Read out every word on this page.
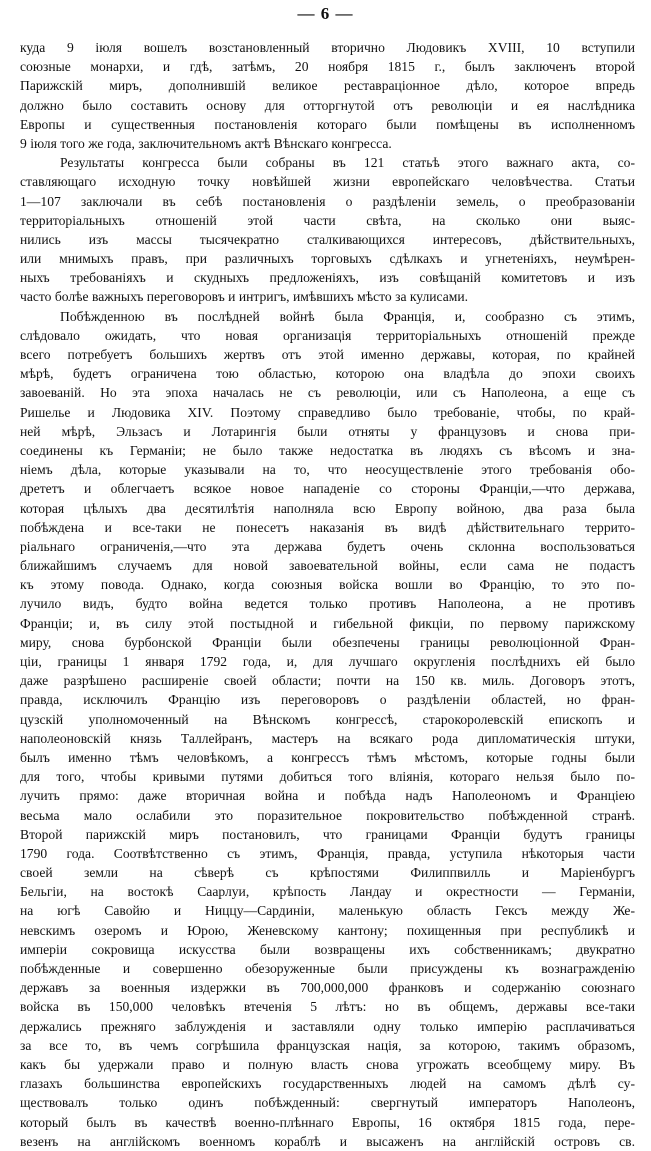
— 6 —
куда 9 іюля вошелъ возстановленный вторично Людовикъ XVIII, 10 вступили
союзные монархи, и гдѣ, затѣмъ, 20 ноября 1815 г., былъ заключенъ второй
Парижскій миръ, дополнившій великое реставраціонное дѣло, которое впредь
должно было составить основу для отторгнутой отъ революціи и ея наслѣдника
Европы и существенныя постановленія котораго были помѣщены въ исполненномъ
9 іюля того же года, заключительномъ актѣ Вѣнскаго конгресса.
Результаты конгресса были собраны въ 121 статьѣ этого важнаго акта, со-
ставляющаго исходную точку новѣйшей жизни европейскаго человѣчества. Статьи
1—107 заключали въ себѣ постановленія о раздѣленіи земель, о преобразованіи
территоріальныхъ отношеній этой части свѣта, на сколько они выяс-
нились изъ массы тысячекратно сталкивающихся интересовъ, дѣйствительныхъ,
или мнимыхъ правъ, при различныхъ торговыхъ сдѣлкахъ и угнетеніяхъ, неумѣрен-
ныхъ требованіяхъ и скудныхъ предложеніяхъ, изъ совѣщаній комитетовъ и изъ
часто болѣе важныхъ переговоровъ и интригъ, имѣвшихъ мѣсто за кулисами.
Побѣжденною въ послѣдней войнѣ была Франція, и, сообразно съ этимъ,
слѣдовало ожидать, что новая организація территоріальныхъ отношеній прежде
всего потребуетъ большихъ жертвъ отъ этой именно державы, которая, по крайней
мѣрѣ, будетъ ограничена тою областью, которою она владѣла до эпохи своихъ
завоеваній. Но эта эпоха началась не съ революціи, или съ Наполеона, а еще съ
Ришелье и Людовика XIV. Поэтому справедливо было требованіе, чтобы, по край-
ней мѣрѣ, Эльзасъ и Лотарингія были отняты у французовъ и снова при-
соединены къ Германіи; не было также недостатка въ людяхъ съ вѣсомъ и зна-
ніемъ дѣла, которые указывали на то, что неосуществленіе этого требованія обо-
дрететъ и облегчаетъ всякое новое нападеніе со стороны Франціи,—что держава,
которая цѣлыхъ два десятилѣтія наполняла всю Европу войною, два раза была
побѣждена и все-таки не понесетъ наказанія въ видѣ дѣйствительнаго террито-
ріальнаго ограниченія,—что эта держава будетъ очень склонна воспользоваться
ближайшимъ случаемъ для новой завоевательной войны, если сама не подастъ
къ этому повода. Однако, когда союзныя войска вошли во Францію, то это по-
лучило видъ, будто война ведется только противъ Наполеона, а не противъ
Франціи; и, въ силу этой постыдной и гибельной фикціи, по первому парижскому
миру, снова бурбонской Франціи были обезпечены границы революціонной Фран-
ціи, границы 1 января 1792 года, и, для лучшаго округленія послѣднихъ ей было
даже разрѣшено расширеніе своей области; почти на 150 кв. миль. Договоръ этотъ,
правда, исключилъ Францію изъ переговоровъ о раздѣленіи областей, но фран-
цузскій уполномоченный на Вѣнскомъ конгрессѣ, старокоролевскій епископъ и
наполеоновскій князь Таллейранъ, мастеръ на всякаго рода дипломатическія штуки,
былъ именно тѣмъ человѣкомъ, а конгрессъ тѣмъ мѣстомъ, которые годны были
для того, чтобы кривыми путями добиться того вліянія, котораго нельзя было по-
лучить прямо: даже вторичная война и побѣда надъ Наполеономъ и Франціею
весьма мало ослабили это поразительное покровительство побѣжденной странѣ.
Второй парижскій миръ постановилъ, что границами Франціи будутъ границы
1790 года. Соотвѣтственно съ этимъ, Франція, правда, уступила нѣкоторыя части
своей земли на сѣверѣ съ крѣпостями Филиппвилль и Маріенбургъ
Бельгіи, на востокѣ Саарлуи, крѣпость Ландау и окрестности — Германіи,
на югѣ Савойю и Ниццу—Сардиніи, маленькую область Гексъ между Же-
невскимъ озеромъ и Юрою, Женевскому кантону; похищенныя при республикѣ и
имперіи сокровища искусства были возвращены ихъ собственникамъ; двукратно
побѣжденные и совершенно обезоруженные были присуждены къ вознагражденію
державъ за военныя издержки въ 700,000,000 франковъ и содержанію союзнаго
войска въ 150,000 человѣкъ втеченія 5 лѣтъ: но въ общемъ, державы все-таки
держались прежняго заблужденія и заставляли одну только имперію расплачиваться
за все то, въ чемъ согрѣшила французская нація, за которою, такимъ образомъ,
какъ бы удержали право и полную власть снова угрожать всеобщему миру. Въ
глазахъ большинства европейскихъ государственныхъ людей на самомъ дѣлѣ су-
ществовалъ только одинъ побѣжденный: свергнутый императоръ Наполеонъ,
который былъ въ качествѣ военно-плѣннаго Европы, 16 октября 1815 года, перe-
везенъ на англійскомъ военномъ кораблѣ и высаженъ на англійскій островъ св.
